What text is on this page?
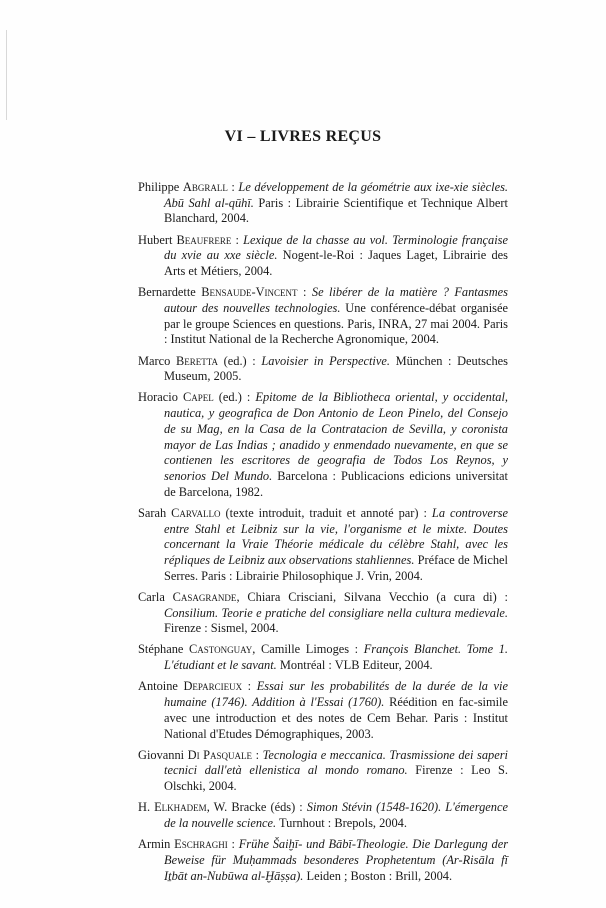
VI – LIVRES REÇUS

Philippe Abgrall : Le développement de la géométrie aux ixe-xie siècles. Abū Sahl al-qūhī. Paris : Librairie Scientifique et Technique Albert Blanchard, 2004.

Hubert Beaufrere : Lexique de la chasse au vol. Terminologie française du xvie au xxe siècle. Nogent-le-Roi : Jaques Laget, Librairie des Arts et Métiers, 2004.

Bernardette Bensaude-Vincent : Se libérer de la matière ? Fantasmes autour des nouvelles technologies. Une conférence-débat organisée par le groupe Sciences en questions. Paris, INRA, 27 mai 2004. Paris : Institut National de la Recherche Agronomique, 2004.

Marco Beretta (ed.) : Lavoisier in Perspective. München : Deutsches Museum, 2005.

Horacio Capel (ed.) : Epitome de la Bibliotheca oriental, y occidental, nautica, y geografica de Don Antonio de Leon Pinelo, del Consejo de su Mag, en la Casa de la Contratacion de Sevilla, y coronista mayor de Las Indias ; anadido y enmendado nuevamente, en que se contienen les escritores de geografia de Todos Los Reynos, y senorios Del Mundo. Barcelona : Publicacions edicions universitat de Barcelona, 1982.

Sarah Carvallo (texte introduit, traduit et annoté par) : La controverse entre Stahl et Leibniz sur la vie, l'organisme et le mixte. Doutes concernant la Vraie Théorie médicale du célèbre Stahl, avec les répliques de Leibniz aux observations stahliennes. Préface de Michel Serres. Paris : Librairie Philosophique J. Vrin, 2004.

Carla Casagrande, Chiara Crisciani, Silvana Vecchio (a cura di) : Consilium. Teorie e pratiche del consigliare nella cultura medievale. Firenze : Sismel, 2004.

Stéphane Castonguay, Camille Limoges : François Blanchet. Tome 1. L'étudiant et le savant. Montréal : VLB Editeur, 2004.

Antoine Deparcieux : Essai sur les probabilités de la durée de la vie humaine (1746). Addition à l'Essai (1760). Réédition en fac-simile avec une introduction et des notes de Cem Behar. Paris : Institut National d'Etudes Démographiques, 2003.

Giovanni Di Pasquale : Tecnologia e meccanica. Trasmissione dei saperi tecnici dall'età ellenistica al mondo romano. Firenze : Leo S. Olschki, 2004.

H. Elkhadem, W. Bracke (éds) : Simon Stévin (1548-1620). L'émergence de la nouvelle science. Turnhout : Brepols, 2004.

Armin Eschraghi : Frühe Šaiḫī- und Bābī-Theologie. Die Darlegung der Beweise für Muḥammads besonderes Prophetentum (Ar-Risāla fī Iṯbāt an-Nubūwa al-Ḫāṣṣa). Leiden ; Boston : Brill, 2004.
